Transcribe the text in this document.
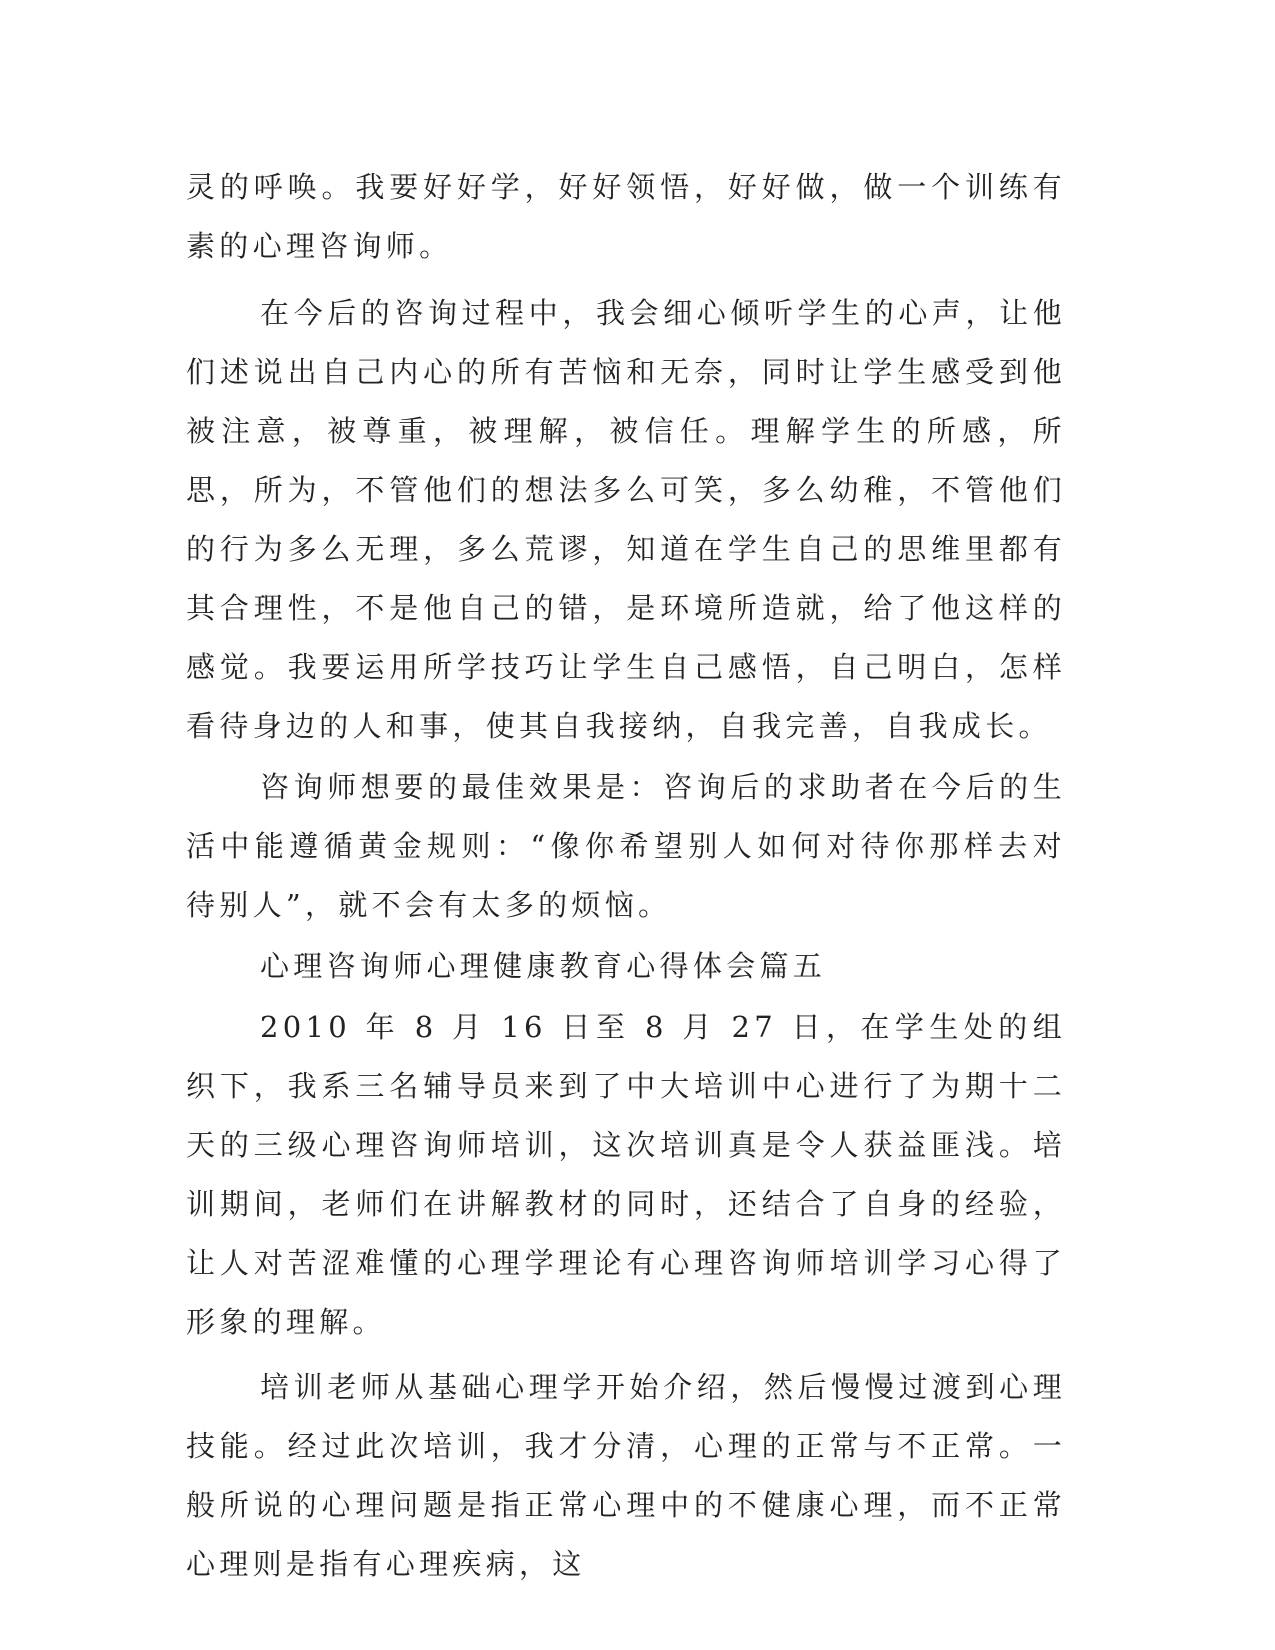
灵的呼唤。我要好好学，好好领悟，好好做，做一个训练有素的心理咨询师。

在今后的咨询过程中，我会细心倾听学生的心声，让他们述说出自己内心的所有苦恼和无奈，同时让学生感受到他被注意，被尊重，被理解，被信任。理解学生的所感，所思，所为，不管他们的想法多么可笑，多么幼稚，不管他们的行为多么无理，多么荒谬，知道在学生自己的思维里都有其合理性，不是他自己的错，是环境所造就，给了他这样的感觉。我要运用所学技巧让学生自己感悟，自己明白，怎样看待身边的人和事，使其自我接纳，自我完善，自我成长。

咨询师想要的最佳效果是：咨询后的求助者在今后的生活中能遵循黄金规则：“像你希望别人如何对待你那样去对待别人”，就不会有太多的烦恼。

心理咨询师心理健康教育心得体会篇五

2010 年 8 月 16 日至 8 月 27 日，在学生处的组织下，我系三名辅导员来到了中大培训中心进行了为期十二天的三级心理咨询师培训，这次培训真是令人获益匪浅。培训期间，老师们在讲解教材的同时，还结合了自身的经验，让人对苦涩难懂的心理学理论有心理咨询师培训学习心得了形象的理解。

培训老师从基础心理学开始介绍，然后慢慢过渡到心理技能。经过此次培训，我才分清，心理的正常与不正常。一般所说的心理问题是指正常心理中的不健康心理，而不正常心理则是指有心理疾病，这
